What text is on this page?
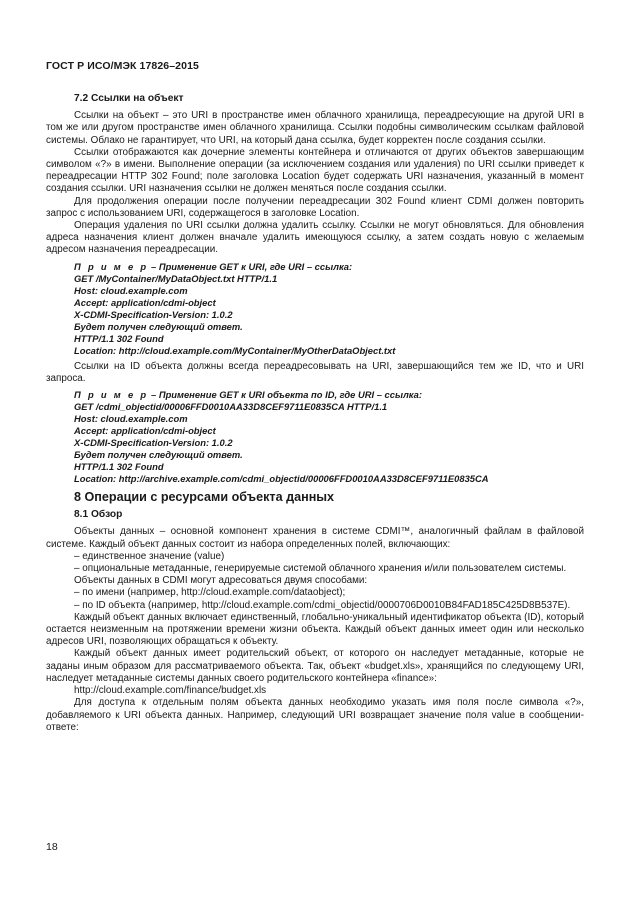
ГОСТ Р ИСО/МЭК 17826–2015
7.2 Ссылки на объект

Ссылки на объект – это URI в пространстве имен облачного хранилища, переадресующие на другой URI в том же или другом пространстве имен облачного хранилища. Ссылки подобны символическим ссылкам файловой системы. Облако не гарантирует, что URI, на который дана ссылка, будет корректен после создания ссылки.

Ссылки отображаются как дочерние элементы контейнера и отличаются от других объектов завершающим символом «?» в имени. Выполнение операции (за исключением создания или удаления) по URI ссылки приведет к переадресации HTTP 302 Found; поле заголовка Location будет содержать URI назначения, указанный в момент создания ссылки. URI назначения ссылки не должен меняться после создания ссылки.

Для продолжения операции после получении переадресации 302 Found клиент CDMI должен повторить запрос с использованием URI, содержащегося в заголовке Location.

Операция удаления по URI ссылки должна удалить ссылку. Ссылки не могут обновляться. Для обновления адреса назначения клиент должен вначале удалить имеющуюся ссылку, а затем создать новую с желаемым адресом назначения переадресации.

П р и м е р – Применение GET к URI, где URI – ссылка:
GET /MyContainer/MyDataObject.txt HTTP/1.1
Host: cloud.example.com
Accept: application/cdmi-object
X-CDMI-Specification-Version: 1.0.2
Будет получен следующий ответ.
HTTP/1.1 302 Found
Location: http://cloud.example.com/MyContainer/MyOtherDataObject.txt

Ссылки на ID объекта должны всегда переадресовывать на URI, завершающийся тем же ID, что и URI запроса.

П р и м е р – Применение GET к URI объекта по ID, где URI – ссылка:
GET /cdmi_objectid/00006FFD0010AA33D8CEF9711E0835CA HTTP/1.1
Host: cloud.example.com
Accept: application/cdmi-object
X-CDMI-Specification-Version: 1.0.2
Будет получен следующий ответ.
HTTP/1.1 302 Found
Location: http://archive.example.com/cdmi_objectid/00006FFD0010AA33D8CEF9711E0835CA
8 Операции с ресурсами объекта данных
8.1 Обзор

Объекты данных – основной компонент хранения в системе CDMI™, аналогичный файлам в файловой системе. Каждый объект данных состоит из набора определенных полей, включающих:

– единственное значение (value)

– опциональные метаданные, генерируемые системой облачного хранения и/или пользователем системы.

Объекты данных в CDMI могут адресоваться двумя способами:

– по имени (например, http://cloud.example.com/dataobject);

– по ID объекта (например, http://cloud.example.com/cdmi_objectid/0000706D0010B84FAD185C425D8B537E).

Каждый объект данных включает единственный, глобально-уникальный идентификатор объекта (ID), который остается неизменным на протяжении времени жизни объекта. Каждый объект данных имеет один или несколько адресов URI, позволяющих обращаться к объекту.

Каждый объект данных имеет родительский объект, от которого он наследует метаданные, которые не заданы иным образом для рассматриваемого объекта. Так, объект «budget.xls», хранящийся по следующему URI, наследует метаданные системы данных своего родительского контейнера «finance»:

http://cloud.example.com/finance/budget.xls

Для доступа к отдельным полям объекта данных необходимо указать имя поля после символа «?», добавляемого к URI объекта данных. Например, следующий URI возвращает значение поля value в сообщении-ответе:

18
